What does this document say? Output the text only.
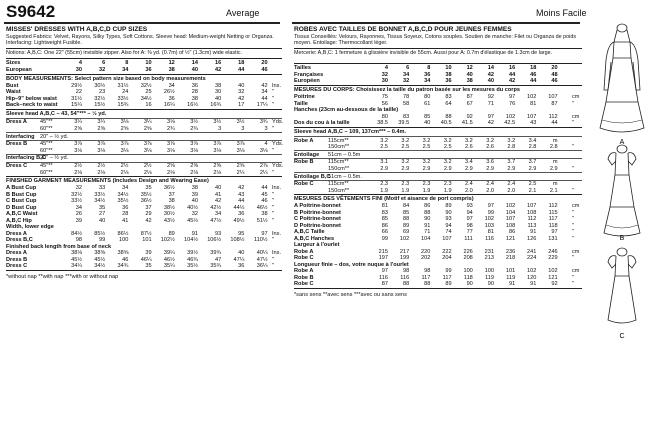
S9642	Average	Moins Facile
MISSES' DRESSES WITH A,B,C,D CUP SIZES
Suggested Fabrics: Velvet, Rayons, Silky Types, Soft Cottons. Sleeve head: Medium-weight Netting or Organza. Interfacing: Lightweight Fusible.
Notions: A,B,C: One 22" (55cm) invisible zipper. Also for A: ⅜ yd. (0.7m) of ½" (1.3cm) wide elastic.
Sizes	4	6	8	10	12	14	16	18	20
European	30	32	34	36	38	40	42	44	46
BODY MEASUREMENTS: Select pattern size based on body measurements
Bust	29½	30½	31½	32½	34	36	38	40	42 Ins.
Waist	22	23	24	25	26½	28	30	32	34 "
Hip–9" below waist	31½	32½	33½	34½	36	38	40	42	44 "
Back–neck to waist	15¼	15½	15¾	16	16¼	16½	16¾	17	17¼ "
Sleeve head A,B,C – 43, 54"*** – ½ yd.
Dress A 45"**	3¼	3¼	3⅛	3¼	3⅛	3½	3½	3½	3¾ Yds.
60"**	2⅝	2⅝	2⅝	2⅝	2¾	2¾	3	3	3 "
Interfacing 20" – ½ yd.
Dress B 45"**	3⅞	3⅞	3⅞	3⅞	3⅞	3⅞	3⅞	3⅞	4 Yds.
60"**	3⅛	3⅛	3⅛	3⅛	3⅛	3⅛	3⅛	3⅛	3⅛ "
Interfacing B,C
20" – ½ yd.
Dress C 45"**	2½	2½	2½	2½	2⅝	2⅝	2⅝	2⅝	2⅞ Yds.
60"**	2⅛	2⅛	2⅛	2⅛	2⅛	2⅛	2⅛	2¼	2¼ "
FINISHED GARMENT MEASUREMENTS (Includes Design and Wearing Ease)
A Bust Cup	32	33	34	35	36½	38	40	42	44 Ins.
B Bust Cup	32½	33½	34½	35½	37	39	41	43	45 "
C Bust Cup	33½	34½	35½	36½	38	40	42	44	46 "
D Bust Cup	34	35	36	37	38½	40½	42½	44½	46½ "
A,B,C Waist	26	27	28	29	30½	32	34	36	38 "
A,B,C Hip	39	40	41	42	43½	45½	47½	49½	51½ "
Width, lower edge
Dress A	84½	85½	86½	87½	89	91	93	95	97 Ins.
Dress B,C	98	99	100	101	102½	104½	106½	108½	110½ "
Finished back length from base of neck
Dress A	38⅛	38⅝	38⅝	39	39¼	39½	39¾	40	40¼ Ins.
Dress B	45½	45½	46	46¼	46½	46¾	47	47¼	47½ "
Dress C	34¼	34½	34¾	35	35¼	35½	35¾	36	36¼ "
*without nap **with nap ***with or without nap
ROBES AVEC TAILLES DE BONNET A,B,C,D POUR JEUNES FEMMES
Tissus Conseillés: Velours, Rayonnes, Tissus Soyeux, Cotons souples. Soutien de manche: Filet ou Organza de poids moyen. Entoilage: Thermocollant léger.
Mercerie: A,B,C: 1 fermeture à glissière invisible de 55cm. Aussi pour A: 0.7m d'élastique de 1.3cm de large.
Tailles	4	6	8	10	12	14	16	18	20
Françaises	32	34	36	38	40	42	44	46	48
Européen	30	32	34	36	38	40	42	44	46
MESURES DU CORPS: Choisissez la taille du patron basée sur les mesures du corps
Poitrine	75	78	80	83	87	92	97	102	107	cm
Taille	56	58	61	64	67	71	76	81	87	"
Hanches (23cm au-dessous de la taille)
80	83	85	88	92	97	102	107	112	cm
Dos du cou à la taille	38.5	39.5	40	40.5	41.5	42	42.5	43	44	"
Sleeve head A,B,C – 109, 137cm*** – 0.4m.
Robe A	115cm**	3.2	3.2	3.2	3.2	3.2	3.2	3.2	3.4	m
150cm**	2.5	2.5	2.5	2.5	2.6	2.6	2.8	2.8	2.8	"
Entoilage 51cm – 0.5m
Robe B	115cm**	3.1	3.2	3.2	3.2	3.4	3.6	3.7	3.7	m
150cm**	2.9	2.9	2.9	2.9	2.9	2.9	2.9	2.9	2.9	"
Entoilage B,C
51cm – 0.5m.
Robe C	115cm**	2.3	2.3	2.3	2.3	2.4	2.4	2.4	2.5	m
150cm**	1.9	1.9	1.9	1.9	2.0	2.0	2.0	2.1	2.1	"
MESURES DES VÊTEMENTS FINI (Motif et aisance de port compris)
A Poitrine-bonnet	81	84	86	89	93	97	102	107	112	cm
B Poitrine-bonnet	83	85	88	90	94	99	104	108	115	"
C Poitrine-bonnet	85	88	90	93	97	102	107	112	117	"
D Poitrine-bonnet	86	89	91	94	98	103	108	113	118	"
A,B,C Taille	66	69	71	74	77	81	86	91	97	"
A,B,C Hanches	99	102	104	107	111	116	121	126	131	"
Largeur à l'ourlet
Robe A	215	217	220	222	226	231	236	241	246	cm
Robe C	197	199	202	204	208	213	218	224	229	"
Longueur finie – dos, votre nuque à l'ourlet
Robe A	97	98	98	99	100	100	101	102	102	cm
Robe B	116	116	117	117	118	119	119	120	121	"
Robe C	87	88	88	89	90	90	91	91	92	"
*sans sens **avec sens ***avec ou sans sens
A
B
C
